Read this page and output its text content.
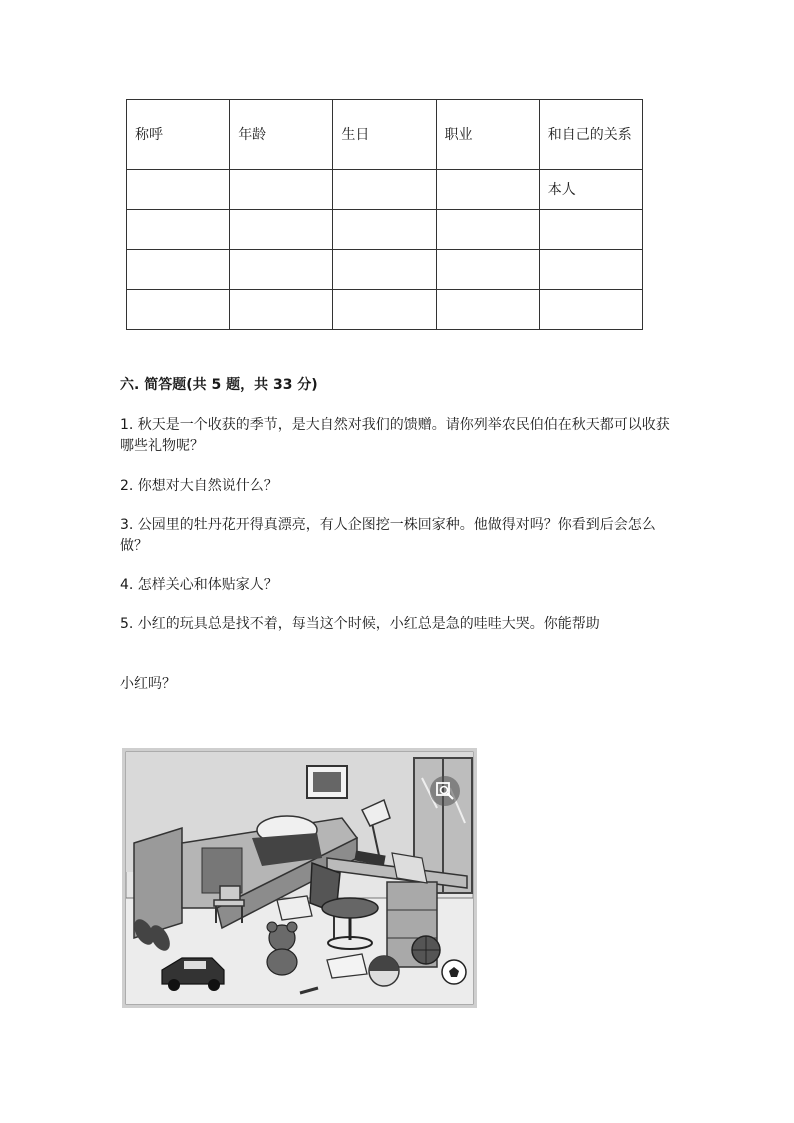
称呼	年龄	生日	职业	和自己的关系
				本人

六. 简答题(共 5 题，共 33 分)
1. 秋天是一个收获的季节，是大自然对我们的馈赠。请你列举农民伯伯在秋天都可以收获哪些礼物呢？
2. 你想对大自然说什么？
3. 公园里的牡丹花开得真漂亮，有人企图挖一株回家种。他做得对吗？你看到后会怎么做？
4. 怎样关心和体贴家人？
5. 小红的玩具总是找不着，每当这个时候，小红总是急的哇哇大哭。你能帮助
小红吗？
